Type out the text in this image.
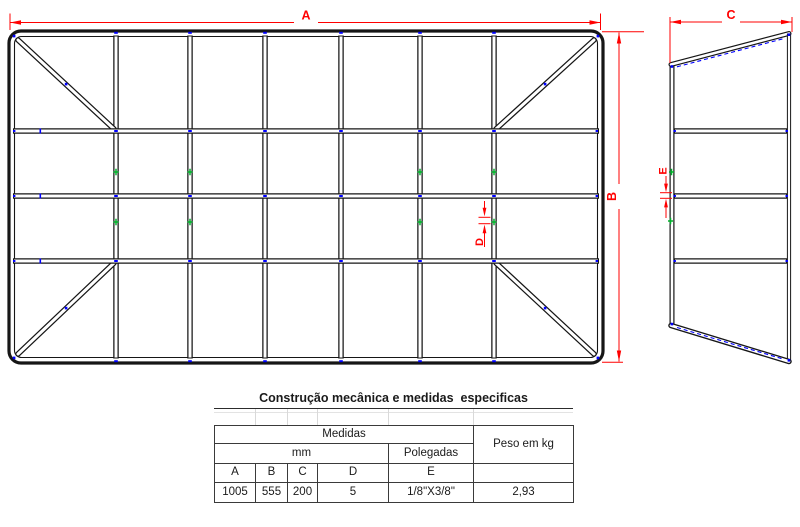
A
B
C
D
E
Construção mecânica e medidas  especificas
Medidas					Peso em kg
mm				Polegadas	
A	B	C	D	E	
1005	555	200	5	1/8"X3/8"	2,93
